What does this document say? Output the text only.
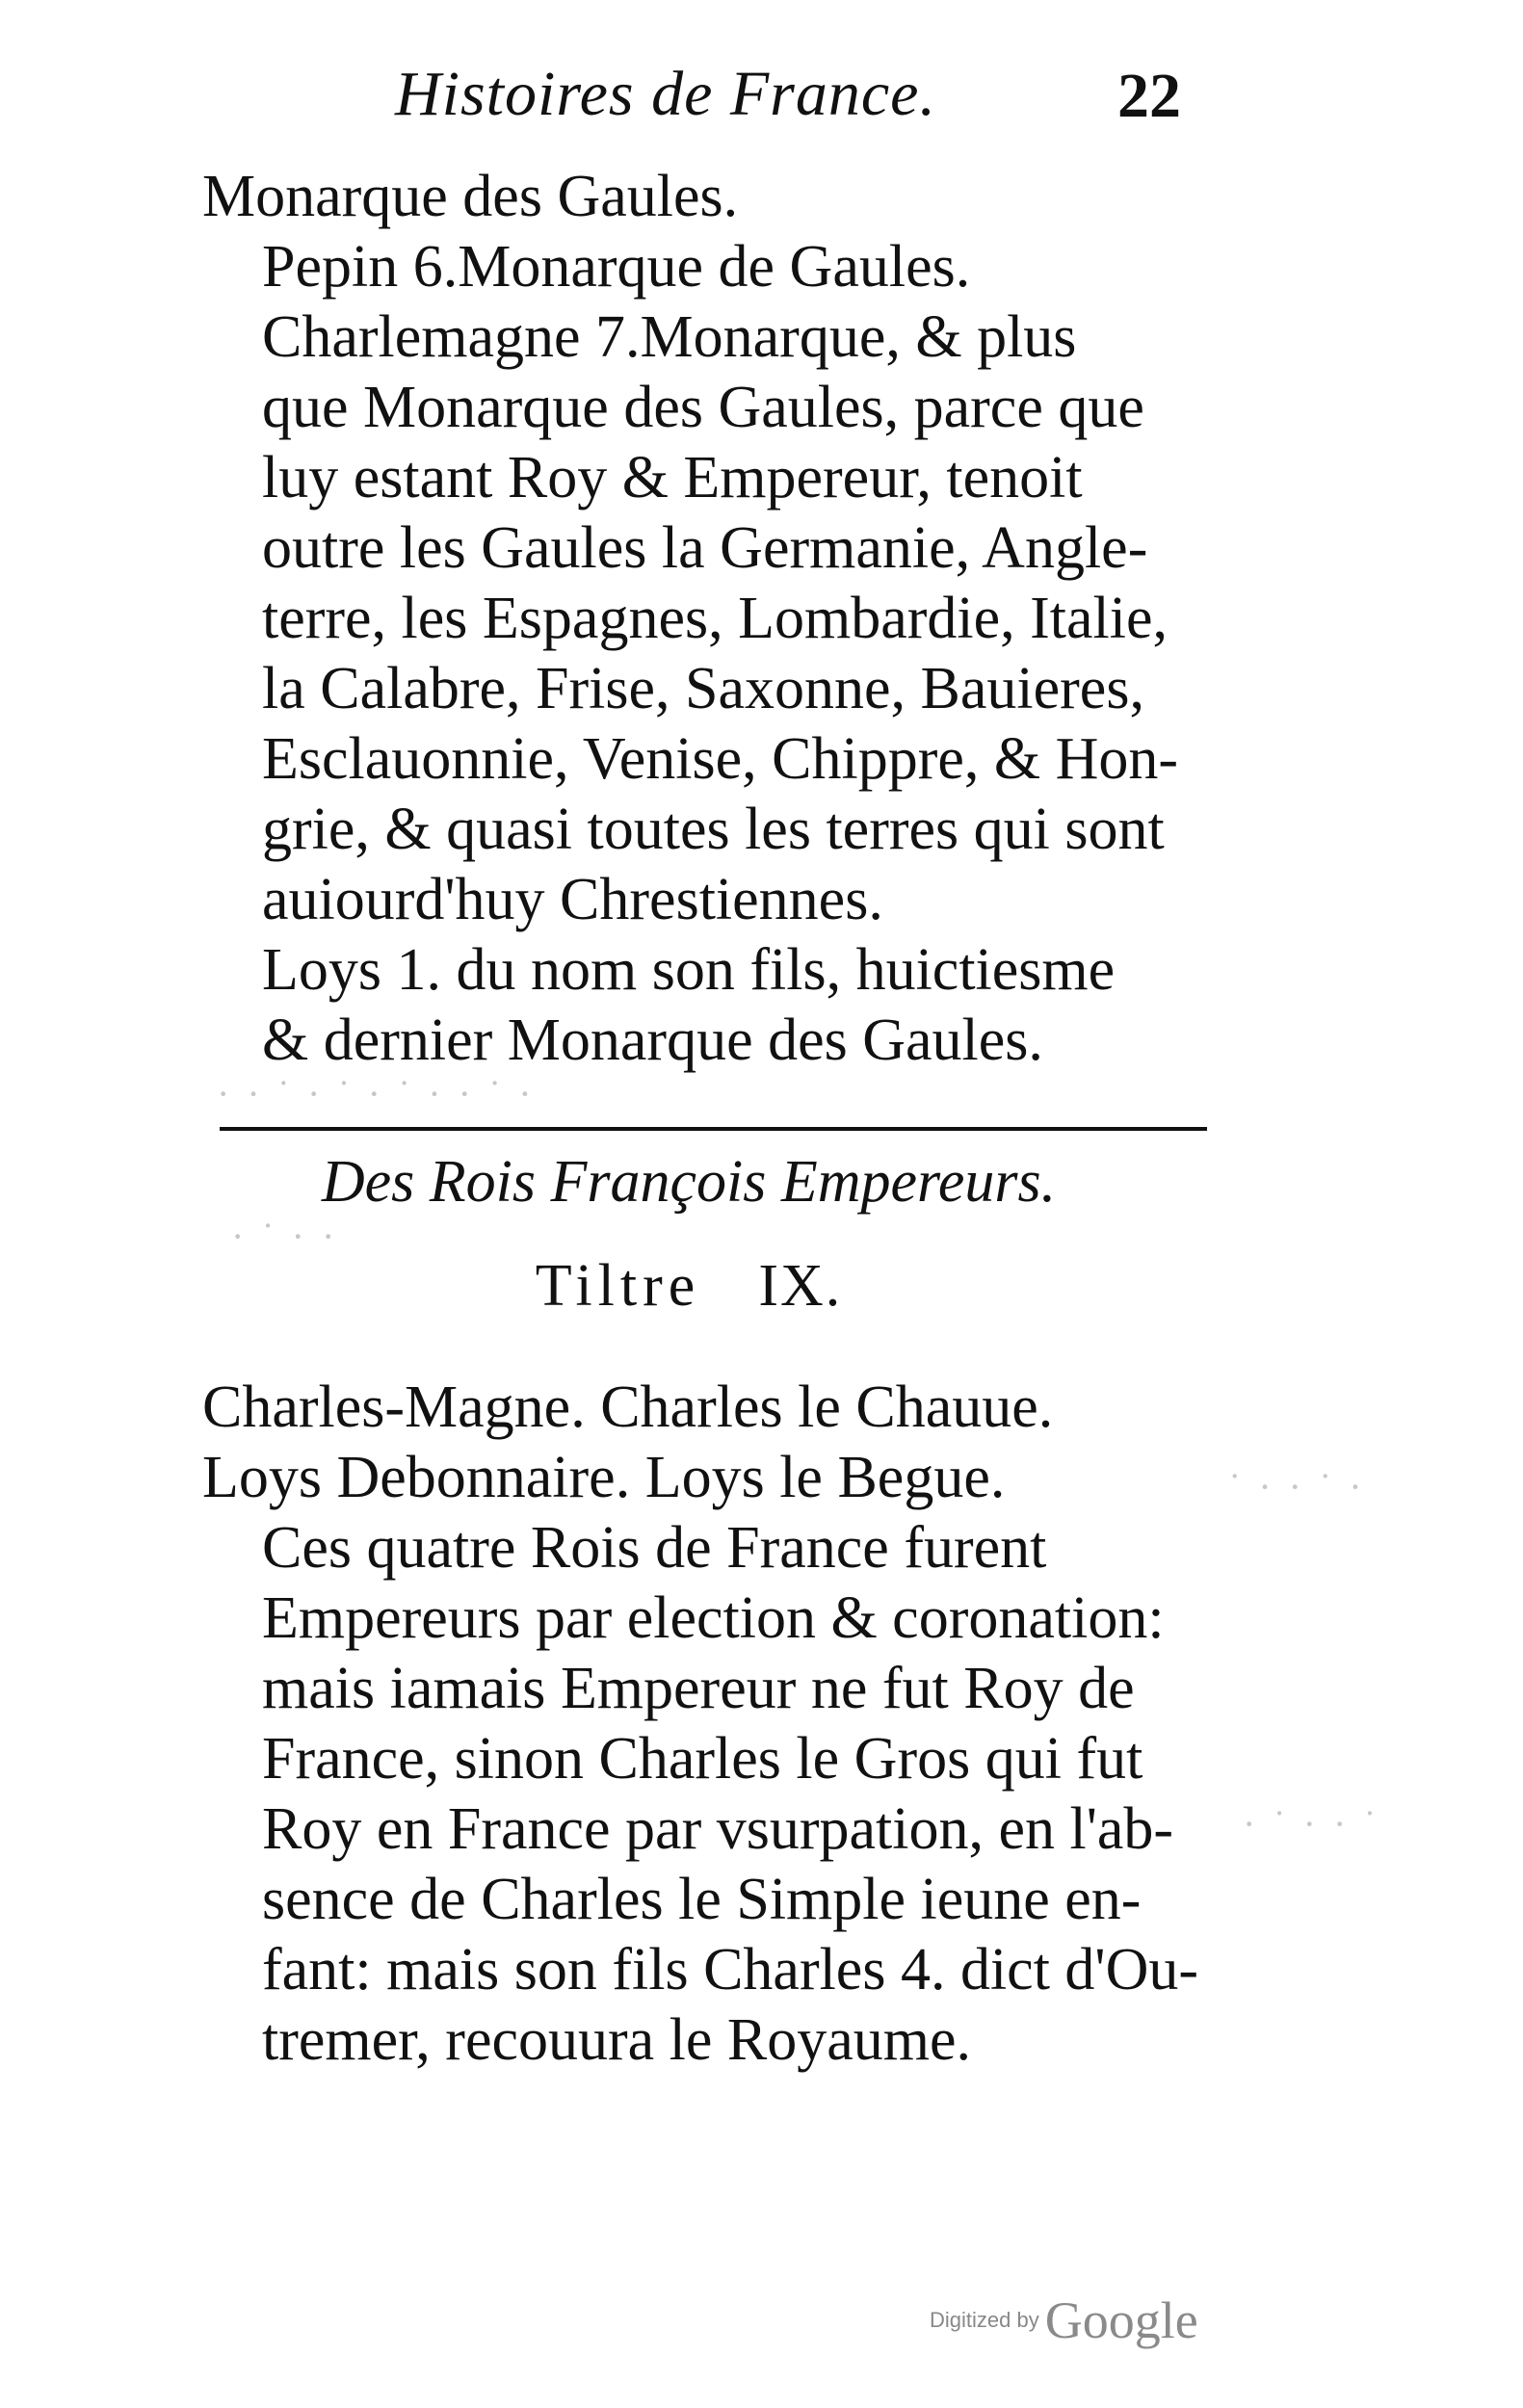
Histoires de France.	22

Monarque des Gaules.

Pepin 6.Monarque de Gaules.

Charlemagne 7.Monarque, & plus
que Monarque des Gaules, parce que
luy estant Roy & Empereur, tenoit
outre les Gaules la Germanie, Angle-
terre, les Espagnes, Lombardie, Italie,
la Calabre, Frise, Saxonne, Bauieres,
Esclauonnie, Venise, Chippre, & Hon-
grie, & quasi toutes les terres qui sont
auiourd'huy Chrestiennes.

Loys 1. du nom son fils, huictiesme
& dernier Monarque des Gaules.

Des Rois François Empereurs.
Tiltre IX.

Charles-Magne. Charles le Chauue.
Loys Debonnaire. Loys le Begue.

Ces quatre Rois de France furent
Empereurs par election & coronation:
mais iamais Empereur ne fut Roy de
France, sinon Charles le Gros qui fut
Roy en France par vsurpation, en l'ab-
sence de Charles le Simple ieune en-
fant: mais son fils Charles 4. dict d'Ou-
tremer, recouura le Royaume.

· · ˙ · ˙ · ˙ · · ˙ ·
· ˙ · ·
˙ · · ˙ ·
· ˙ · · ˙
Digitized by Google
